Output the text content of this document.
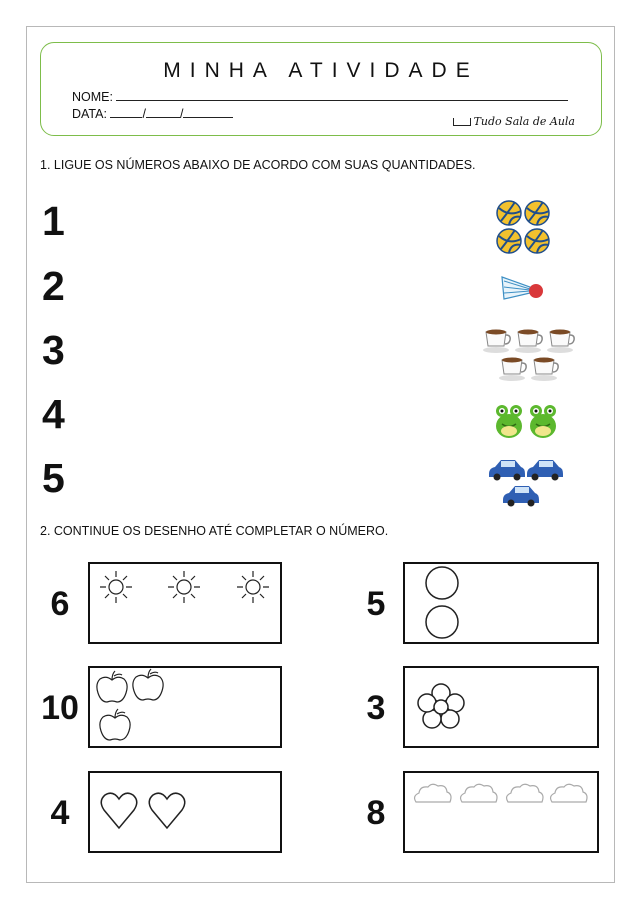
MINHA ATIVIDADE
NOME:
DATA:	/	/
Tudo Sala de Aula
1. LIGUE OS NÚMEROS ABAIXO DE ACORDO COM SUAS QUANTIDADES.
1
2
3
4
5
2. CONTINUE OS DESENHO ATÉ COMPLETAR O NÚMERO.
6
10
4
5
3
8
